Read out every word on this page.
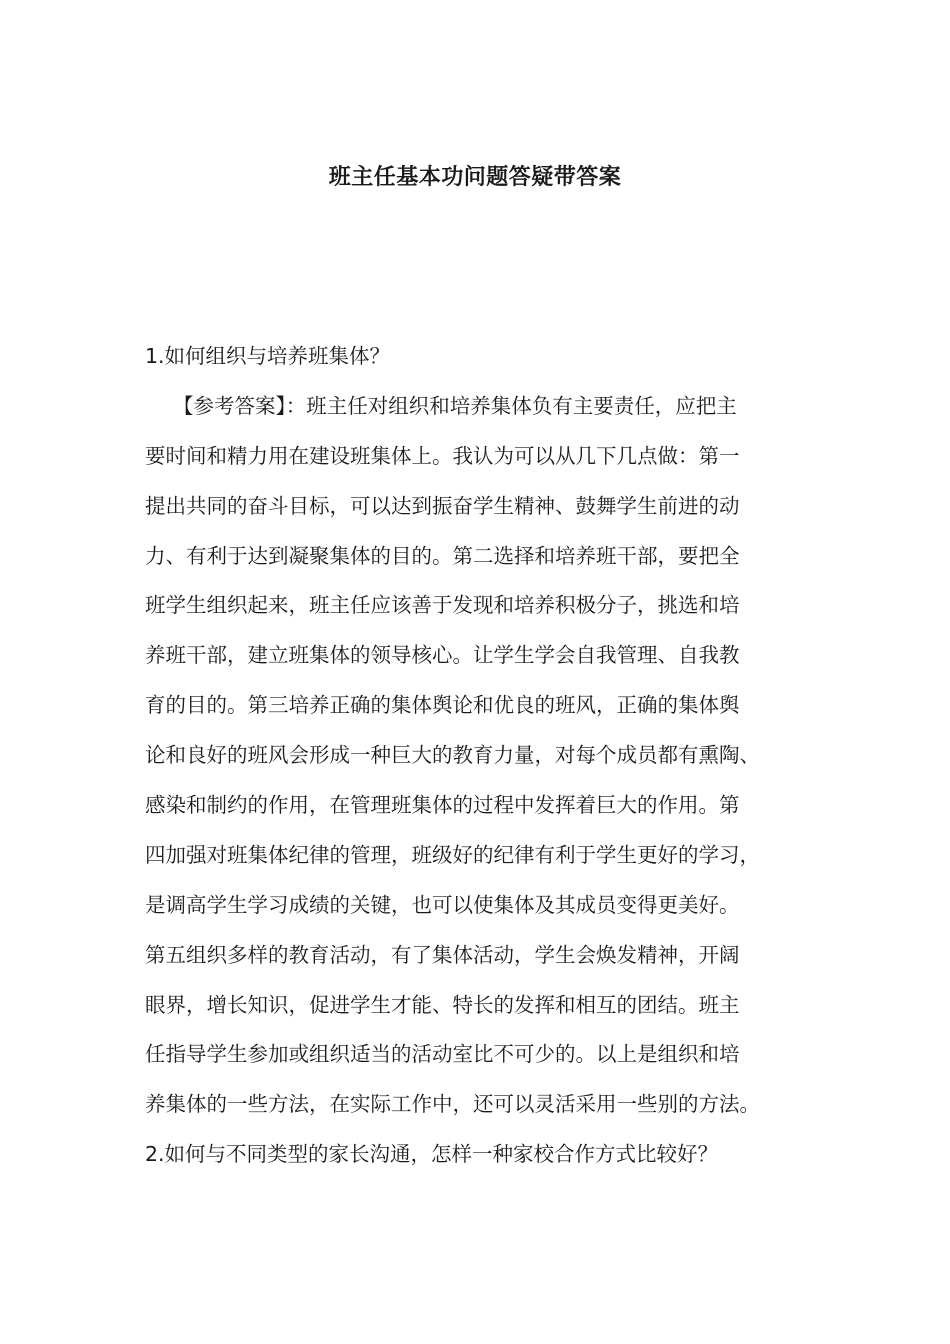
班主任基本功问题答疑带答案
1.如何组织与培养班集体？
【参考答案】：班主任对组织和培养集体负有主要责任，应把主
要时间和精力用在建设班集体上。我认为可以从几下几点做：第一
提出共同的奋斗目标，可以达到振奋学生精神、鼓舞学生前进的动
力、有利于达到凝聚集体的目的。第二选择和培养班干部，要把全
班学生组织起来，班主任应该善于发现和培养积极分子，挑选和培
养班干部，建立班集体的领导核心。让学生学会自我管理、自我教
育的目的。第三培养正确的集体舆论和优良的班风，正确的集体舆
论和良好的班风会形成一种巨大的教育力量，对每个成员都有熏陶、
感染和制约的作用，在管理班集体的过程中发挥着巨大的作用。第
四加强对班集体纪律的管理，班级好的纪律有利于学生更好的学习，
是调高学生学习成绩的关键，也可以使集体及其成员变得更美好。
第五组织多样的教育活动，有了集体活动，学生会焕发精神，开阔
眼界，增长知识，促进学生才能、特长的发挥和相互的团结。班主
任指导学生参加或组织适当的活动室比不可少的。以上是组织和培
养集体的一些方法，在实际工作中，还可以灵活采用一些别的方法。
2.如何与不同类型的家长沟通，怎样一种家校合作方式比较好？
